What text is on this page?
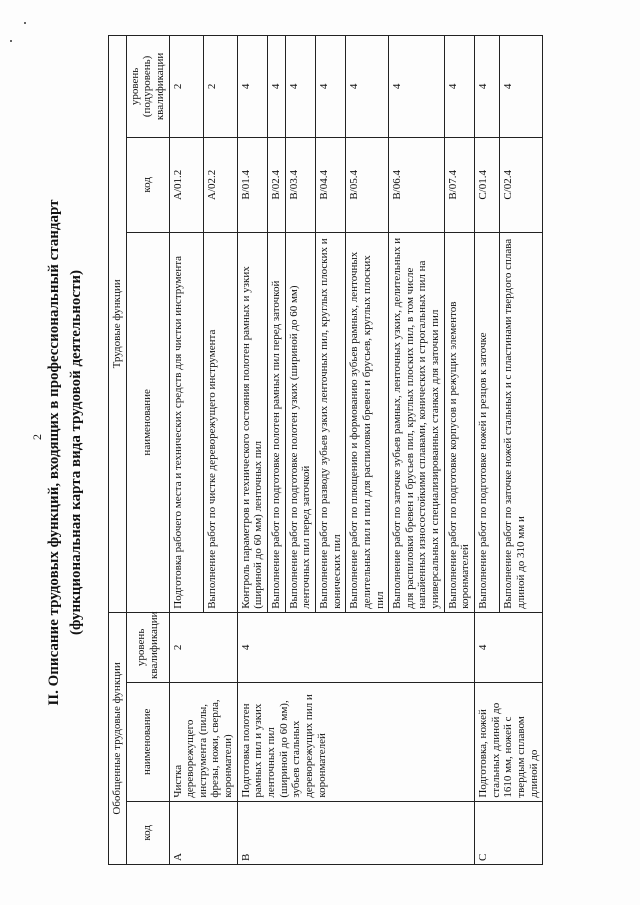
2 II. Описание трудовых функций, входящих в профессиональный стандарт (функциональная карта вида трудовой деятельности)
Обобщенные трудовые функции			Трудовые функции		
код	наименование	уровень квалификации	наименование	код	уровень (подуровень) квалификации
A	Чистка дереворежущего инструмента (пилы, фрезы, ножи, сверла, коронматели)	2	Подготовка рабочего места и технических средств для чистки инструмента	A/01.2	2
			Выполнение работ по чистке дереворежущего инструмента	A/02.2	2
B	Подготовка полотен рамных пил и узких ленточных пил (шириной до 60 мм), зубьев стальных дереворежущих пил и коронмателей	4	Контроль параметров и технического состояния полотен рамных и узких (шириной до 60 мм) ленточных пил	B/01.4	4
			Выполнение работ по подготовке полотен рамных пил перед заточкой	B/02.4	4
			Выполнение работ по подготовке полотен узких (шириной до 60 мм) ленточных пил перед заточкой	B/03.4	4
			Выполнение работ по разводу зубьев узких ленточных пил, круглых плоских и конических пил	B/04.4	4
			Выполнение работ по плющению и формованию зубьев рамных, ленточных делительных пил и пил для распиловки бревен и брусьев, круглых плоских пил	B/05.4	4
			Выполнение работ по заточке зубьев рамных, ленточных узких, делительных и для распиловки бревен и брусьев пил, круглых плоских пил, в том числе напайенных износостойкими сплавами, конических и строгальных пил на универсальных и специализированных станках для заточки пил	B/06.4	4
			Выполнение работ по подготовке корпусов и режущих элементов коронмателей	B/07.4	4
C	Подготовка, ножей стальных длиной до 1610 мм, ножей с твердым сплавом длиной до	4	Выполнение работ по подготовке ножей и резцов к заточке	C/01.4	4
			Выполнение работ по заточке ножей стальных и с пластинами твердого сплава длиной до 310 мм и	C/02.4	4
